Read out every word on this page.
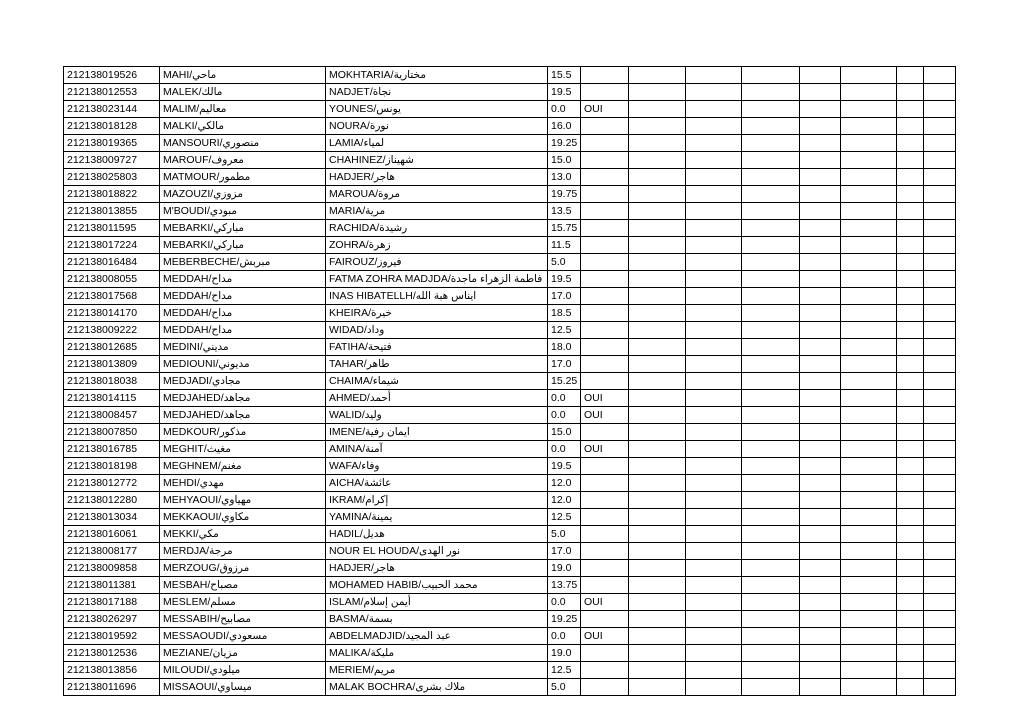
212138019526	MAHI/ماحي	MOKHTARIA/مختارية	15.5								
212138012553	MALEK/مالك	NADJET/نجاة	19.5								
212138023144	MALIM/معاليم	YOUNES/يونس	0.0	OUI							
212138018128	MALKI/مالكي	NOURA/نورة	16.0								
212138019365	MANSOURI/منصوري	LAMIA/لمياء	19.25								
212138009727	MAROUF/معروف	CHAHINEZ/شهيناز	15.0								
212138025803	MATMOUR/مطمور	HADJER/هاجر	13.0								
212138018822	MAZOUZI/مزوزي	MAROUA/مروة	19.75								
212138013855	M'BOUDI/مبودي	MARIA/مرية	13.5								
212138011595	MEBARKI/مباركي	RACHIDA/رشيدة	15.75								
212138017224	MEBARKI/مباركي	ZOHRA/زهرة	11.5								
212138016484	MEBERBECHE/مبربش	FAIROUZ/فيروز	5.0								
212138008055	MEDDAH/مداح	FATMA ZOHRA MADJDA/فاطمة الزهراء ماجدة	19.5								
212138017568	MEDDAH/مداح	INAS HIBATELLH/ايناس هبة الله	17.0								
212138014170	MEDDAH/مداح	KHEIRA/خيرة	18.5								
212138009222	MEDDAH/مداح	WIDAD/وداد	12.5								
212138012685	MEDINI/مديني	FATIHA/فتيحة	18.0								
212138013809	MEDIOUNI/مديوني	TAHAR/طاهر	17.0								
212138018038	MEDJADI/مجادي	CHAIMA/شيماء	15.25								
212138014115	MEDJAHED/مجاهد	AHMED/أحمد	0.0	OUI							
212138008457	MEDJAHED/مجاهد	WALID/وليد	0.0	OUI							
212138007850	MEDKOUR/مذكور	IMENE/ايمان رفية	15.0								
212138016785	MEGHIT/مغيث	AMINA/آمنة	0.0	OUI							
212138018198	MEGHNEM/مغنم	WAFA/وفاء	19.5								
212138012772	MEHDI/مهدي	AICHA/عائشة	12.0								
212138012280	MEHYAOUI/مهياوي	IKRAM/إكرام	12.0								
212138013034	MEKKAOUI/مكاوي	YAMINA/يمينة	12.5								
212138016061	MEKKI/مكي	HADIL/هديل	5.0								
212138008177	MERDJA/مرجة	NOUR EL HOUDA/نور الهدى	17.0								
212138009858	MERZOUG/مرزوق	HADJER/هاجر	19.0								
212138011381	MESBAH/مصباح	MOHAMED HABIB/محمد الحبيب	13.75								
212138017188	MESLEM/مسلم	ISLAM/أيمن إسلام	0.0	OUI							
212138026297	MESSABIH/مصابيح	BASMA/بسمة	19.25								
212138019592	MESSAOUDI/مسعودي	ABDELMADJID/عبد المجيد	0.0	OUI							
212138012536	MEZIANE/مزيان	MALIKA/مليكة	19.0								
212138013856	MILOUDI/ميلودي	MERIEM/مريم	12.5								
212138011696	MISSAOUI/ميساوي	MALAK BOCHRA/ملاك بشرى	5.0								
